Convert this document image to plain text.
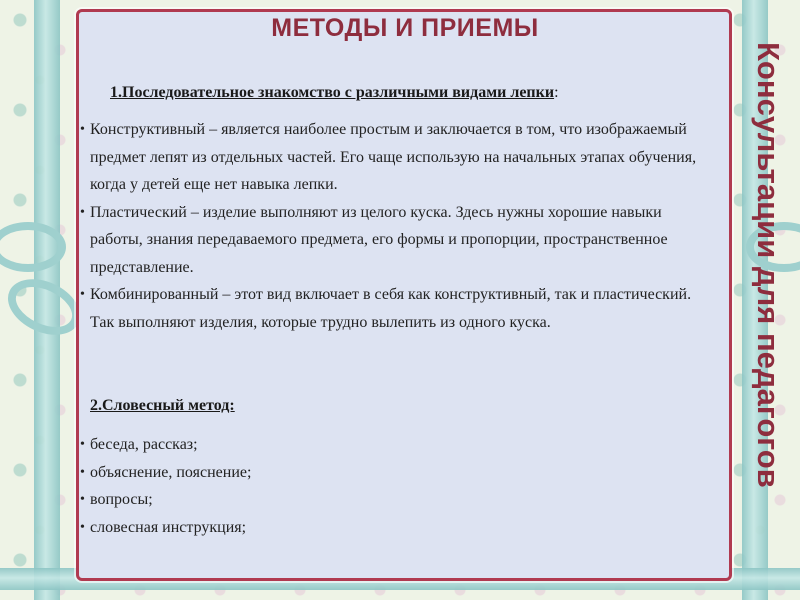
МЕТОДЫ И ПРИЕМЫ
Консультации для педагогов
1.Последовательное знакомство с различными видами лепки:
• Конструктивный – является наиболее простым и заключается в том, что изображаемый предмет лепят из отдельных частей. Его чаще использую на начальных этапах обучения, когда у детей еще нет навыка лепки.
• Пластический – изделие выполняют из целого куска. Здесь нужны хорошие навыки работы, знания передаваемого предмета, его формы и пропорции, пространственное представление.
• Комбинированный – этот вид включает в себя как конструктивный, так и пластический. Так выполняют изделия, которые трудно вылепить из одного куска.
2.Словесный метод:
• беседа, рассказ;
• объяснение, пояснение;
• вопросы;
• словесная инструкция;
